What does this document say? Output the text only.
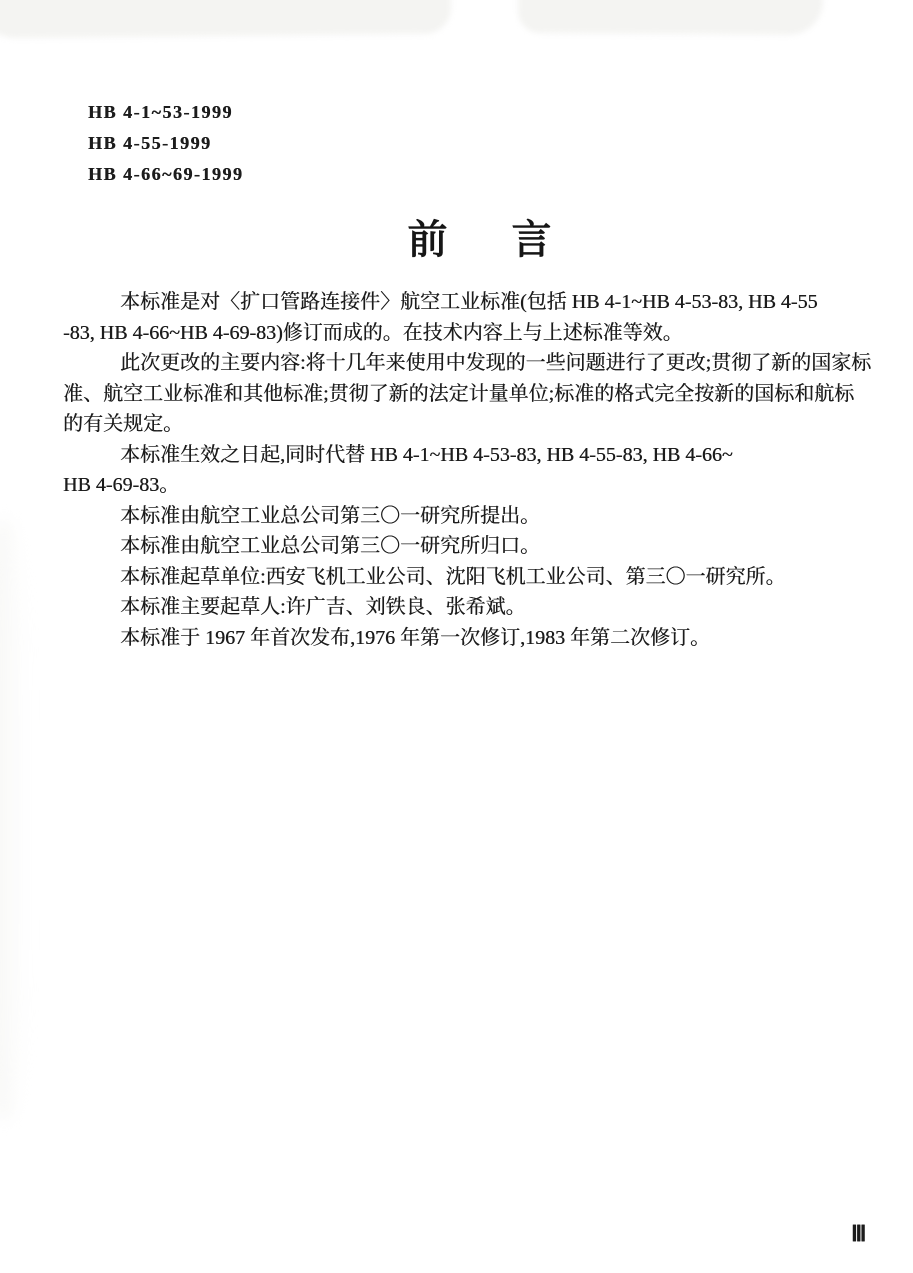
HB 4-1~53-1999
HB 4-55-1999
HB 4-66~69-1999
前　言
本标准是对〈扩口管路连接件〉航空工业标准(包括 HB 4-1~HB 4-53-83, HB 4-55
-83, HB 4-66~HB 4-69-83)修订而成的。在技术内容上与上述标准等效。
此次更改的主要内容:将十几年来使用中发现的一些问题进行了更改;贯彻了新的国家标
准、航空工业标准和其他标准;贯彻了新的法定计量单位;标准的格式完全按新的国标和航标
的有关规定。
本标准生效之日起,同时代替 HB 4-1~HB 4-53-83, HB 4-55-83, HB 4-66~
HB 4-69-83。
本标准由航空工业总公司第三〇一研究所提出。
本标准由航空工业总公司第三〇一研究所归口。
本标准起草单位:西安飞机工业公司、沈阳飞机工业公司、第三〇一研究所。
本标准主要起草人:许广吉、刘铁良、张希斌。
本标准于 1967 年首次发布,1976 年第一次修订,1983 年第二次修订。
Ⅲ
